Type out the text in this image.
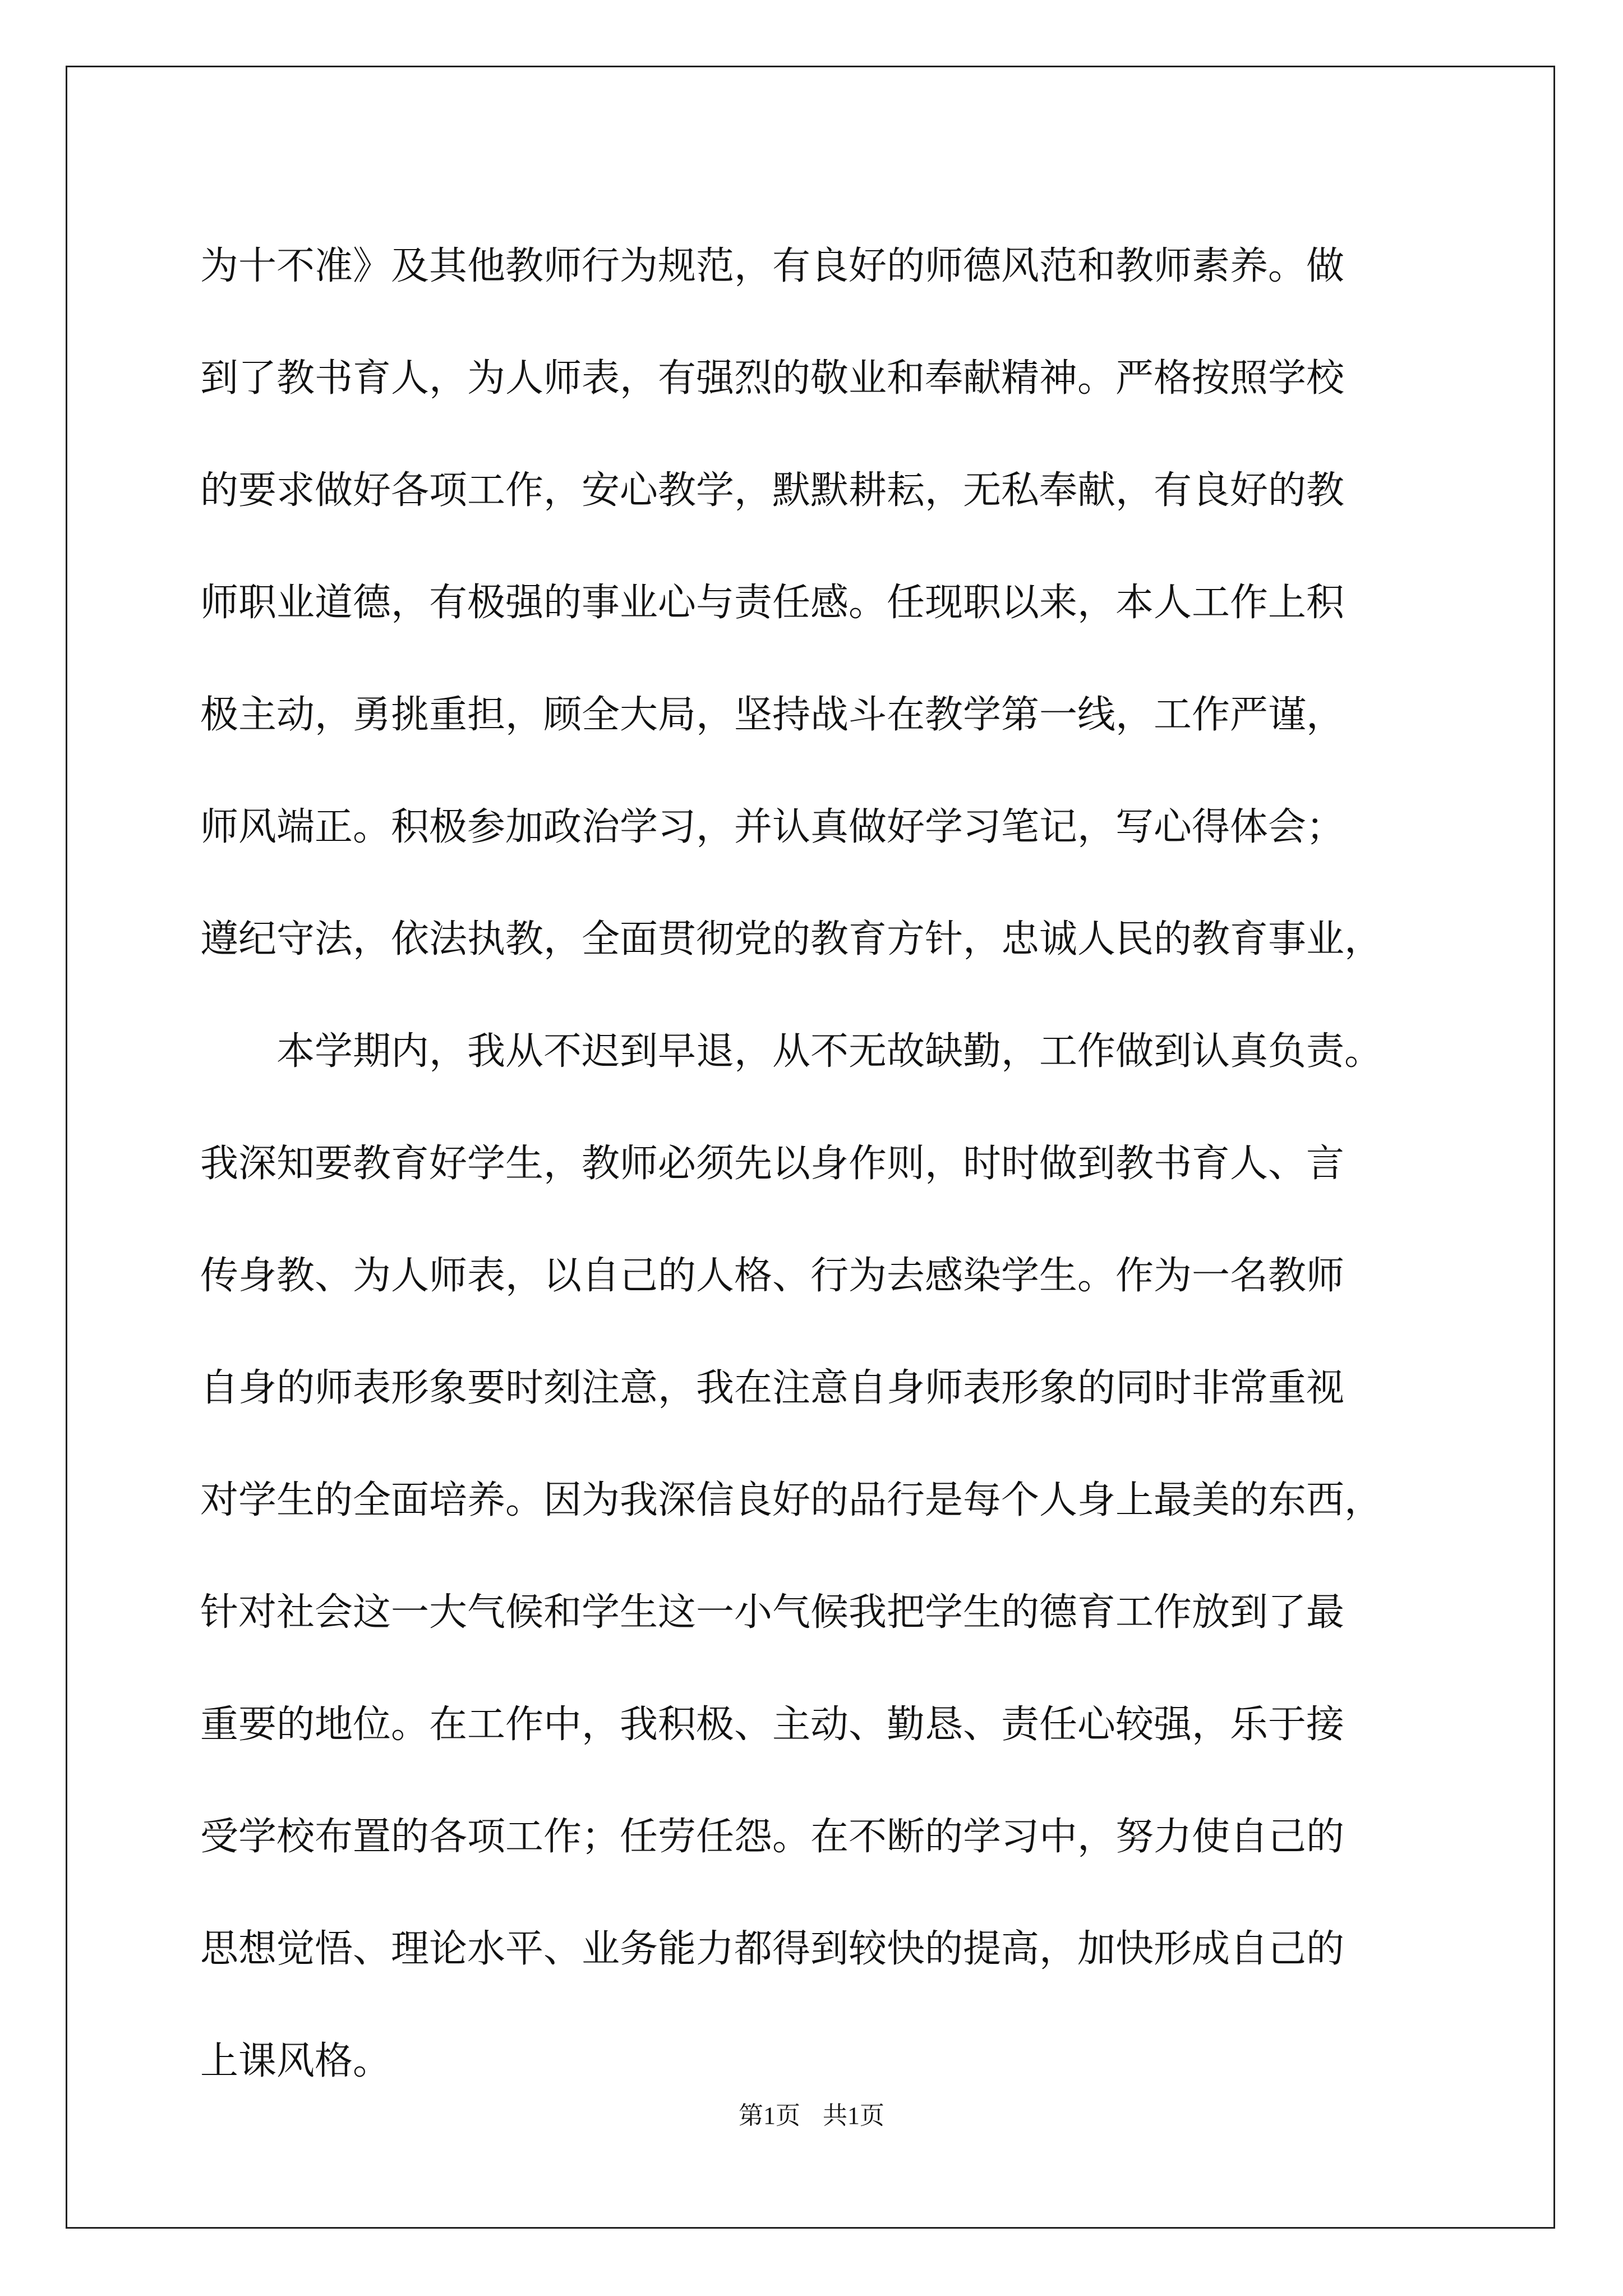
为十不准》及其他教师行为规范，有良好的师德风范和教师素养。做
到了教书育人，为人师表，有强烈的敬业和奉献精神。严格按照学校
的要求做好各项工作，安心教学，默默耕耘，无私奉献，有良好的教
师职业道德，有极强的事业心与责任感。任现职以来，本人工作上积
极主动，勇挑重担，顾全大局，坚持战斗在教学第一线，工作严谨，
师风端正。积极参加政治学习，并认真做好学习笔记，写心得体会；
遵纪守法，依法执教，全面贯彻党的教育方针，忠诚人民的教育事业，
本学期内，我从不迟到早退，从不无故缺勤，工作做到认真负责。
我深知要教育好学生，教师必须先以身作则，时时做到教书育人、言
传身教、为人师表，以自己的人格、行为去感染学生。作为一名教师
自身的师表形象要时刻注意，我在注意自身师表形象的同时非常重视
对学生的全面培养。因为我深信良好的品行是每个人身上最美的东西，
针对社会这一大气候和学生这一小气候我把学生的德育工作放到了最
重要的地位。在工作中，我积极、主动、勤恳、责任心较强，乐于接
受学校布置的各项工作；任劳任怨。在不断的学习中，努力使自己的
思想觉悟、理论水平、业务能力都得到较快的提高，加快形成自己的
上课风格。
第1页 共1页
